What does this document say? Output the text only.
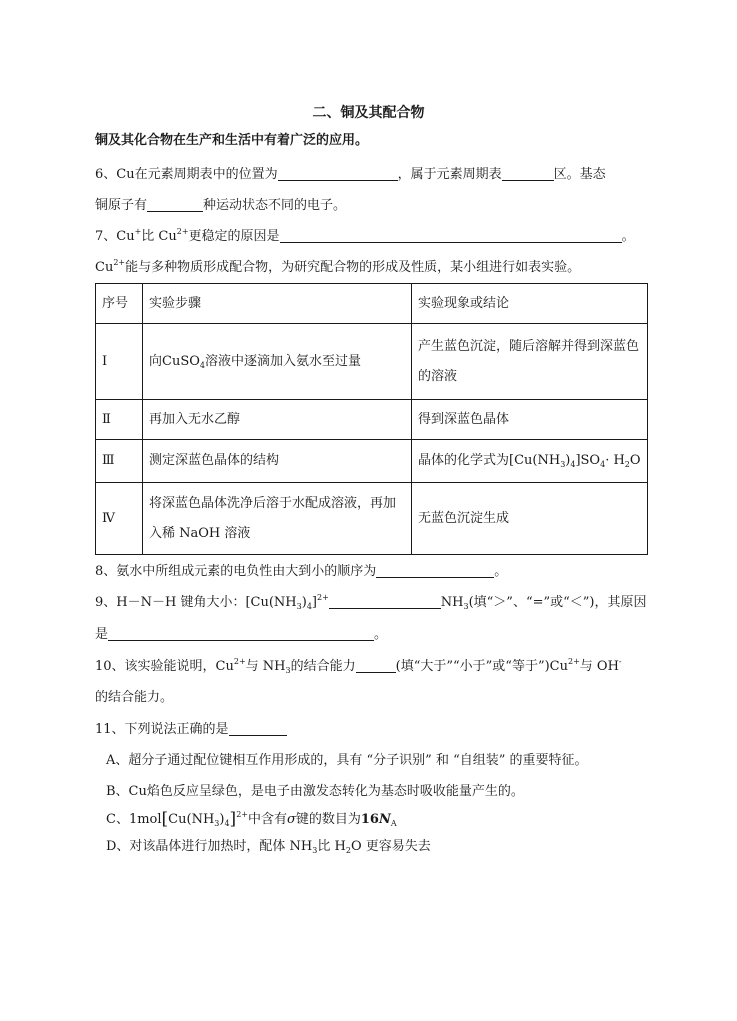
二、铜及其配合物
铜及其化合物在生产和生活中有着广泛的应用。
6、Cu在元素周期表中的位置为	，属于元素周期表	区。基态
铜原子有	种运动状态不同的电子。
7、Cu+比 $Cu^{2+}$更稳定的原因是	。
$Cu^{2+}$能与多种物质形成配合物，为研究配合物的形成及性质，某小组进行如表实验。
序号	实验步骤	实验现象或结论
I	向CuSO$_4$溶液中逐滴加入氨水至过量	产生蓝色沉淀，随后溶解并得到深蓝色的溶液
Ⅱ	再加入无水乙醇	得到深蓝色晶体
Ⅲ	测定深蓝色晶体的结构	晶体的化学式为$[Cu(NH_3)_4]SO_4\cdot H_2O$
Ⅳ	将深蓝色晶体洗净后溶于水配成溶液，再加入稀 NaOH 溶液	无蓝色沉淀生成
8、氨水中所组成元素的电负性由大到小的顺序为	。
9、H－N－H 键角大小：$[Cu(NH_3)_4]^{2+}$	$NH_3$(填“＞”、“=”或“＜”)，其原因
是	。
10、该实验能说明，$Cu^{2+}$与 $NH_3$的结合能力	(填“大于”“小于”或“等于$”)Cu^{2+}$与 OH-
的结合能力。
11、下列说法正确的是
A、超分子通过配位键相互作用形成的，具有 “分子识别” 和 “自组装” 的重要特征。
B、Cu焰色反应呈绿色，是电子由激发态转化为基态时吸收能量产生的。
C、$1mol[Cu(NH_3)_4]^{2+}$中含有σ键的数目为$16N_A$
D、对该晶体进行加热时，配体 $NH_3$比 $H_2O$ 更容易失去
